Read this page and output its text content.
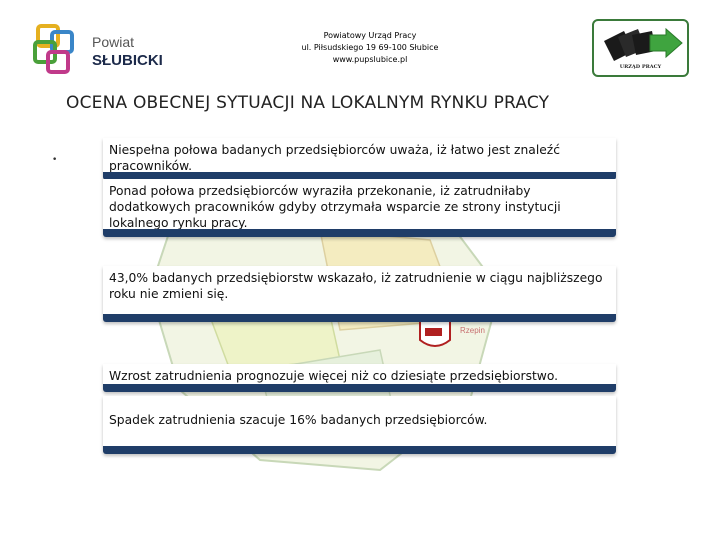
Powiat
SŁUBICKI
Powiatowy Urząd Pracy
ul. Piłsudskiego 19 69-100 Słubice
www.pupslubice.pl
URZĄD PRACY
OCENA OBECNEJ SYTUACJI NA LOKALNYM RYNKU PRACY
•
Rzepin
Niespełna połowa badanych przedsiębiorców uważa, iż łatwo jest znaleźć pracowników.
Ponad połowa przedsiębiorców wyraziła przekonanie, iż zatrudniłaby dodatkowych pracowników gdyby otrzymała wsparcie ze strony instytucji lokalnego rynku pracy.
43,0% badanych przedsiębiorstw wskazało, iż zatrudnienie w ciągu najbliższego roku nie zmieni się.
Wzrost zatrudnienia prognozuje więcej niż co dziesiąte przedsiębiorstwo.
Spadek zatrudnienia szacuje 16% badanych przedsiębiorców.
